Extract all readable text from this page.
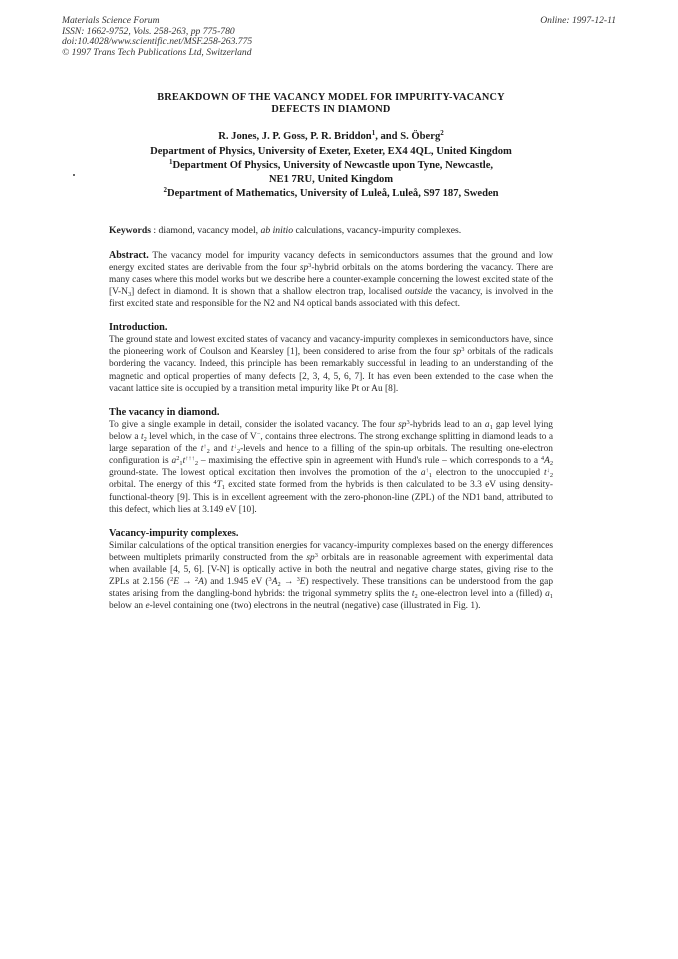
Materials Science Forum
ISSN: 1662-9752, Vols. 258-263, pp 775-780
doi:10.4028/www.scientific.net/MSF.258-263.775
© 1997 Trans Tech Publications Ltd, Switzerland
Online: 1997-12-11
BREAKDOWN OF THE VACANCY MODEL FOR IMPURITY-VACANCY
DEFECTS IN DIAMOND
R. Jones, J. P. Goss, P. R. Briddon$^1$, and S. Öberg$^2$
Department of Physics, University of Exeter, Exeter, EX4 4QL, United Kingdom
$^1$Department Of Physics, University of Newcastle upon Tyne, Newcastle,
NE1 7RU, United Kingdom
$^2$Department of Mathematics, University of Luleå, Luleå, S97 187, Sweden
Keywords : diamond, vacancy model, ab initio calculations, vacancy-impurity complexes.
Abstract. The vacancy model for impurity vacancy defects in semiconductors assumes that the ground and low energy excited states are derivable from the four $sp^3$-hybrid orbitals on the atoms bordering the vacancy. There are many cases where this model works but we describe here a counter-example concerning the lowest excited state of the $[V-N_3]$ defect in diamond. It is shown that a shallow electron trap, localised outside the vacancy, is involved in the first excited state and responsible for the N2 and N4 optical bands associated with this defect.
Introduction.
The ground state and lowest excited states of vacancy and vacancy-impurity complexes in semiconductors have, since the pioneering work of Coulson and Kearsley [1], been considered to arise from the four $sp^3$ orbitals of the radicals bordering the vacancy. Indeed, this principle has been remarkably successful in leading to an understanding of the magnetic and optical properties of many defects [2, 3, 4, 5, 6, 7]. It has even been extended to the case when the vacant lattice site is occupied by a transition metal impurity like Pt or Au [8].
The vacancy in diamond.
To give a single example in detail, consider the isolated vacancy. The four $sp^3$-hybrids lead to an $a_1$ gap level lying below a $t_2$ level which, in the case of V−, contains three electrons. The strong exchange splitting in diamond leads to a large separation of the $t^↑_2$ and $t^↓_2$-levels and hence to a filling of the spin-up orbitals. The resulting one-electron configuration is $a^2_1t^{↑↑↑}_2$ – maximising the effective spin in agreement with Hund's rule – which corresponds to a $^4A_2$ ground-state. The lowest optical excitation then involves the promotion of the $a^↑_1$ electron to the unoccupied $t^↓_2$ orbital. The energy of this $^4T_1$ excited state formed from the hybrids is then calculated to be 3.3 eV using density-functional-theory [9]. This is in excellent agreement with the zero-phonon-line (ZPL) of the ND1 band, attributed to this defect, which lies at 3.149 eV [10].
Vacancy-impurity complexes.
Similar calculations of the optical transition energies for vacancy-impurity complexes based on the energy differences between multiplets primarily constructed from the $sp^3$ orbitals are in reasonable agreement with experimental data when available [4, 5, 6]. [V-N] is optically active in both the neutral and negative charge states, giving rise to the ZPLs at 2.156 ($^2$E → $^2$A) and 1.945 eV $(^3A_2 \to ^3E)$ respectively. These transitions can be understood from the gap states arising from the dangling-bond hybrids: the trigonal symmetry splits the $t_2$ one-electron level into a (filled) $a_1$ below an e-level containing one (two) electrons in the neutral (negative) case (illustrated in Fig. 1).
